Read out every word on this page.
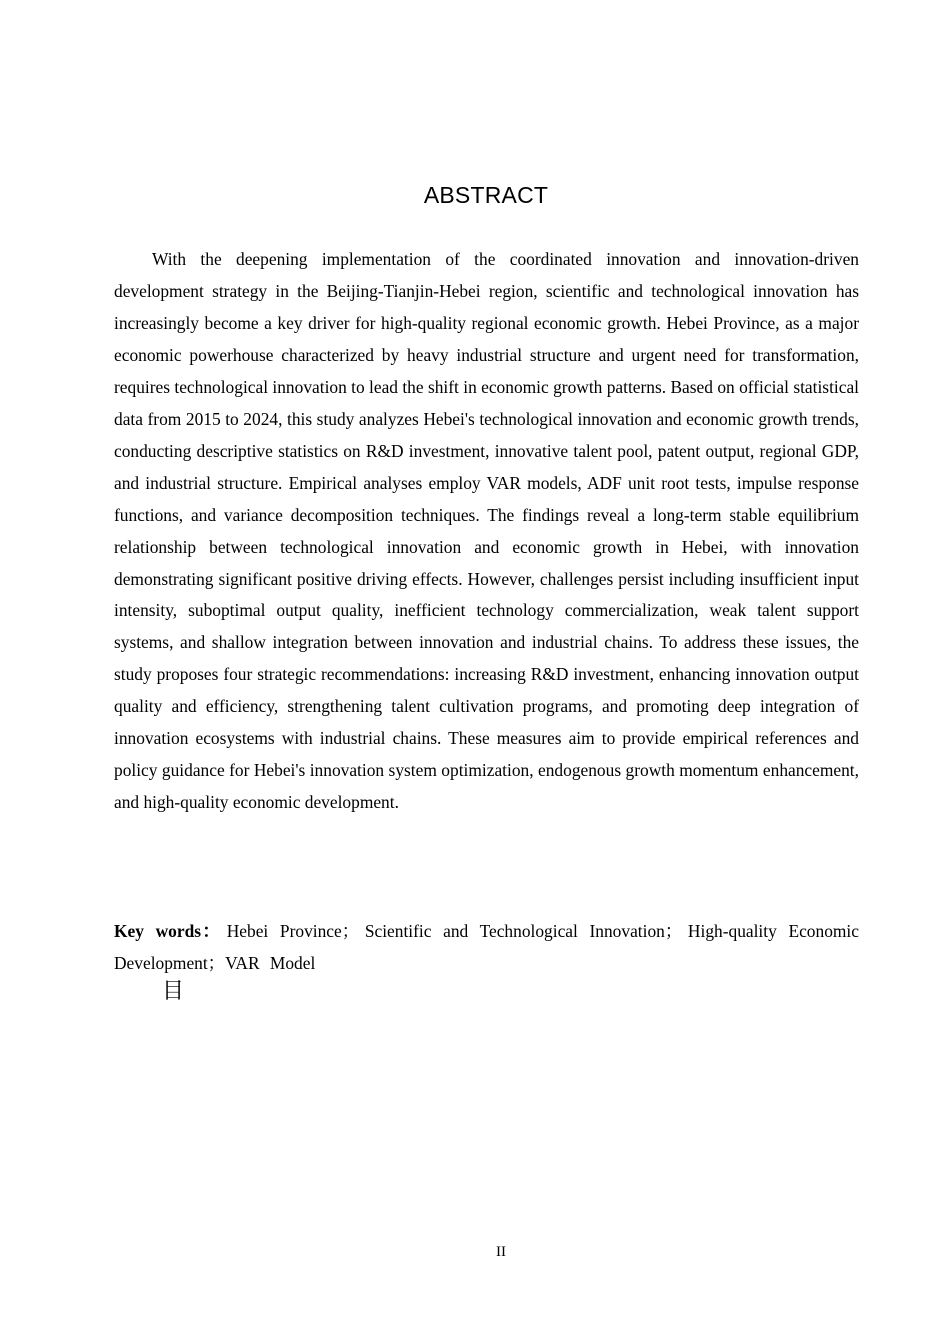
ABSTRACT

With the deepening implementation of the coordinated innovation and innovation-driven development strategy in the Beijing-Tianjin-Hebei region, scientific and technological innovation has increasingly become a key driver for high-quality regional economic growth. Hebei Province, as a major economic powerhouse characterized by heavy industrial structure and urgent need for transformation, requires technological innovation to lead the shift in economic growth patterns. Based on official statistical data from 2015 to 2024, this study analyzes Hebei's technological innovation and economic growth trends, conducting descriptive statistics on R&D investment, innovative talent pool, patent output, regional GDP, and industrial structure. Empirical analyses employ VAR models, ADF unit root tests, impulse response functions, and variance decomposition techniques. The findings reveal a long-term stable equilibrium relationship between technological innovation and economic growth in Hebei, with innovation demonstrating significant positive driving effects. However, challenges persist including insufficient input intensity, suboptimal output quality, inefficient technology commercialization, weak talent support systems, and shallow integration between innovation and industrial chains. To address these issues, the study proposes four strategic recommendations: increasing R&D investment, enhancing innovation output quality and efficiency, strengthening talent cultivation programs, and promoting deep integration of innovation ecosystems with industrial chains. These measures aim to provide empirical references and policy guidance for Hebei's innovation system optimization, endogenous growth momentum enhancement, and high-quality economic development.

Key words： Hebei Province； Scientific and Technological Innovation； High-quality Economic Development；VAR Model

目
II
